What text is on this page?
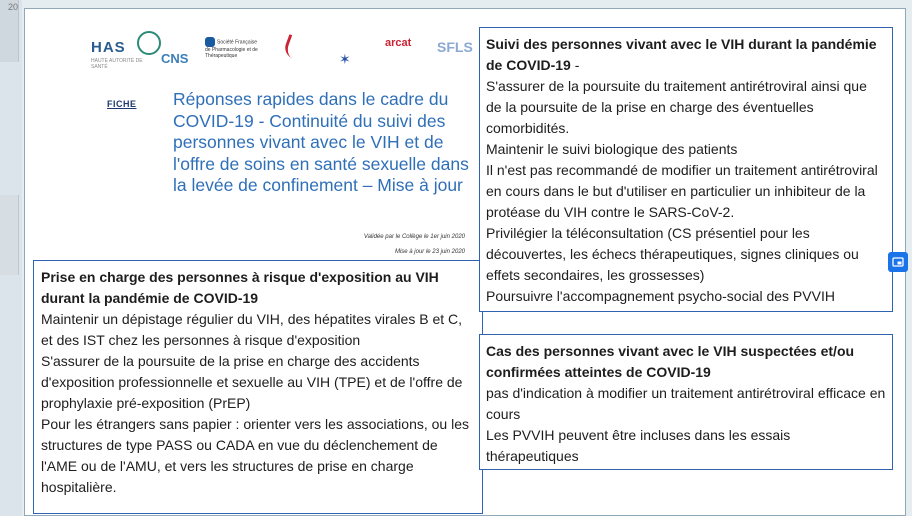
20
HAS
HAUTE AUTORITÉ DE SANTÉ
CNS
Société Française de Pharmacologie et de Thérapeutique	✶
arcat SFLS
FICHE Réponses rapides dans le cadre du COVID-19 - Continuité du suivi des personnes vivant avec le VIH et de l'offre de soins en santé sexuelle dans la levée de confinement – Mise à jour
Validée par le Collège le 1er juin 2020
Mise à jour le 23 juin 2020

Prise en charge des personnes à risque d'exposition au VIH durant la pandémie de COVID-19

Maintenir un dépistage régulier du VIH, des hépatites virales B et C, et des IST chez les personnes à risque d'exposition

S'assurer de la poursuite de la prise en charge des accidents d'exposition professionnelle et sexuelle au VIH (TPE) et de l'offre de prophylaxie pré-exposition (PrEP)

Pour les étrangers sans papier : orienter vers les associations, ou les structures de type PASS ou CADA en vue du déclenchement de l'AME ou de l'AMU, et vers les structures de prise en charge hospitalière.

Suivi des personnes vivant avec le VIH durant la pandémie de COVID-19 -

S'assurer de la poursuite du traitement antirétroviral ainsi que de la poursuite de la prise en charge des éventuelles comorbidités.

Maintenir le suivi biologique des patients

Il n'est pas recommandé de modifier un traitement antirétroviral en cours dans le but d'utiliser en particulier un inhibiteur de la protéase du VIH contre le SARS-CoV-2.

Privilégier la téléconsultation (CS présentiel pour les découvertes, les échecs thérapeutiques, signes cliniques ou effets secondaires, les grossesses)

Poursuivre l'accompagnement psycho-social des PVVIH

Cas des personnes vivant avec le VIH suspectées et/ou confirmées atteintes de COVID-19

pas d'indication à modifier un traitement antirétroviral efficace en cours

Les PVVIH peuvent être incluses dans les essais thérapeutiques
